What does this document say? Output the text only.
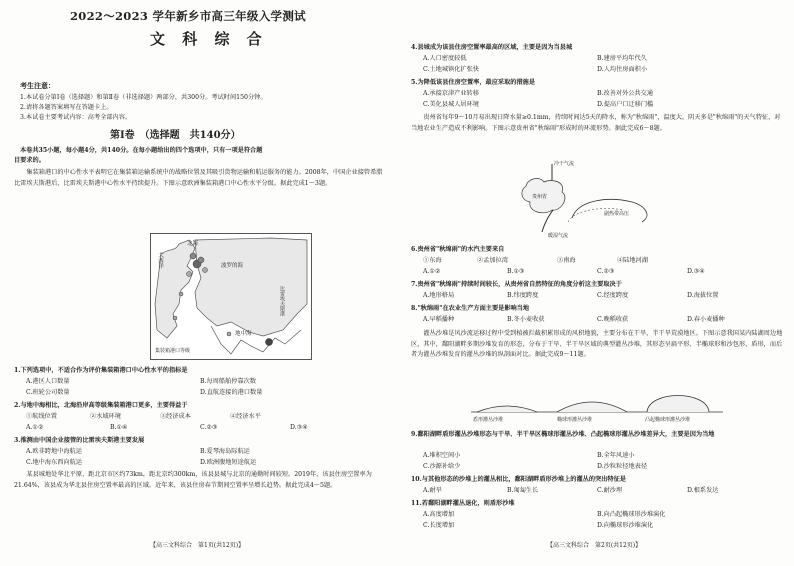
2022～2023 学年新乡市高三年级入学测试
文 科 综 合
考生注意：
1.本试卷分第Ⅰ卷（选择题）和第Ⅱ卷（非选择题）两部分，共300分。考试时间150分钟。
2.请将各题答案填写在答题卡上。
3.本试卷主要考试内容：高考全部内容。
第Ⅰ卷　（选择题　共140分）
本卷共35小题，每小题4分，共140分。在每小题给出的四个选项中，只有一项是符合题
目要求的。
集装箱港口的中心性水平表明它在集装箱运输系统中的战略位置及其吸引货物运输和航运服务的能力。2008年，中国企业接管希腊比雷埃夫斯港后，比雷埃夫斯港中心性水平持续提升。下图示意欧洲集装箱港口中心性水平分级。据此完成1～3题。
北海
大西洋
地中海
比雷埃夫斯港
波罗的海
集装箱港口等级
1.下列选项中，不适合作为评价集装箱港口中心性水平的指标是
A.港区人口数量	B.每周船舶停靠次数
C.班轮公司数量	D.直航连接的港口数量
2.与地中海相比，北海沿岸高等级集装箱港口更多，主要得益于
①航线位置	②水域环境	③经济成本	④经济水平
A.①②	B.①④	C.②③	D.③④
3.推测由中国企业接管的比雷埃夫斯港主要发展
A.欧非跨地中海航运	B.爱琴海岛际航运
C.地中海东西向航运	D.欧洲腹地短途航运
某县城地处华北平原，距北京市区约73km，距北京约300km，该县县城与北京的通勤时间较短。2019年，该县住房空置率为21.64%，该县成为华北县住房空置率最高的区域。近年来，该县住房春节期间空置率呈增长趋势。据此完成4～5题。
【高三文科综合　第1页(共12页)】
4.县城成为该县住房空置率最高的区域，主要是因为当县城
A.人口密度较低	B.建房平均年代久
C.土地城镇化扩张快	D.人均住房面积小
5.为降低该县住房空置率，最应采取的措施是
A.承接京津产业转移	B.改善对外公共交通
C.美化县城人居环境	D.提高户口迁移门槛
贵州省每年9～10月易出现日降水量≥0.1mm，持续时间达5天的降水，称为"秋绵雨"，温度大，阴天多是"秋绵雨"的天气特征，对当地农业生产造成不利影响。下图示意贵州省"秋绵雨"形成时的环流形势。据此完成6～8题。
冷干气流
贵州省
副热带高压
暖湿气流
6.贵州省"秋绵雨"的水汽主要来自
①东海	②孟加拉湾	③南海	④陆地河湖
A.①②	B.①③	C.②③	D.③④
7.贵州省"秋绵雨"持续时间较长，从贵州省自然特征的角度分析这主要取决于
A.地形格局	B.纬度跨度	C.经度跨度	D.海拔位置
8."秋绵雨"在农业生产方面主要是影响当地
A.早稻播种	B.冬小麦收获	C.晚稻收获	D.春小麦播种
灌丛沙堆是风沙流运移过程中受到植被拦截积累形成的风积地貌，主要分布在干旱、半干旱荒漠地区。下图示意我国某内陆湖周边地区，其中，鄱阳湖畔多期沙堆发育的形态，分布于干旱、半干旱区域的典型灌丛沙堆，其形态呈扁平形、半椭球形和沙包形、盾形，而后者为灌丛沙堆发育的灌丛沙堆的纵剖面对比。据此完成9～11题。
盾形灌丛沙堆	椭球形灌丛沙堆	凸起椭球形灌丛沙堆
9.鄱阳湖畔盾形灌丛沙堆形态与干旱、半干旱区椭球形灌丛沙堆、凸起椭球形灌丛沙堆差异大，主要是因为当地
A.堆积空间小	B.全年风速小
C.沙源补给少	D.沙粒粒径地表径
10.与其他形态的沙堆上的灌丛相比，鄱阳湖畔盾形沙堆上的灌丛的突出特征是
A.耐旱	B.匍匐生长	C.耐沙埋	D.根系发达
11.若鄱阳湖畔灌丛退化，则盾形沙堆
A.高度增加	B.向凸起椭球形沙堆演化
C.长度增加	D.向椭球形沙堆演化
【高三文科综合　第2页(共12页)】
